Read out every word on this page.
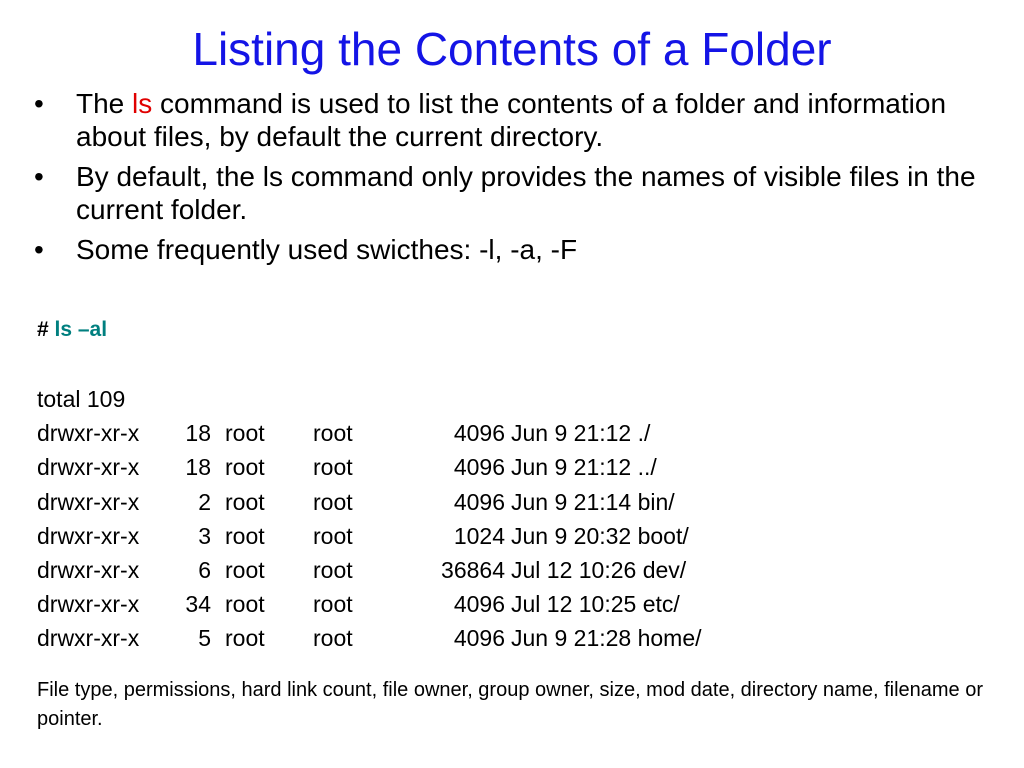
Listing the Contents of a Folder
• The ls command is used to list the contents of a folder and information about files, by default the current directory.
• By default, the ls command only provides the names of visible files in the current folder.
• Some frequently used swicthes: -l, -a, -F
# ls –al
total 109
drwxr-xr-x	18 root root	4096 Jun 9 21:12 ./
drwxr-xr-x	18 root root	4096 Jun 9 21:12 ../
drwxr-xr-x	2 root root	4096 Jun 9 21:14 bin/
drwxr-xr-x	3 root root	1024 Jun 9 20:32 boot/
drwxr-xr-x	6 root root	36864 Jul 12 10:26 dev/
drwxr-xr-x	34 root root	4096 Jul 12 10:25 etc/
drwxr-xr-x	5 root root	4096 Jun 9 21:28 home/
File type, permissions, hard link count, file owner, group owner, size, mod date, directory name, filename or pointer.
